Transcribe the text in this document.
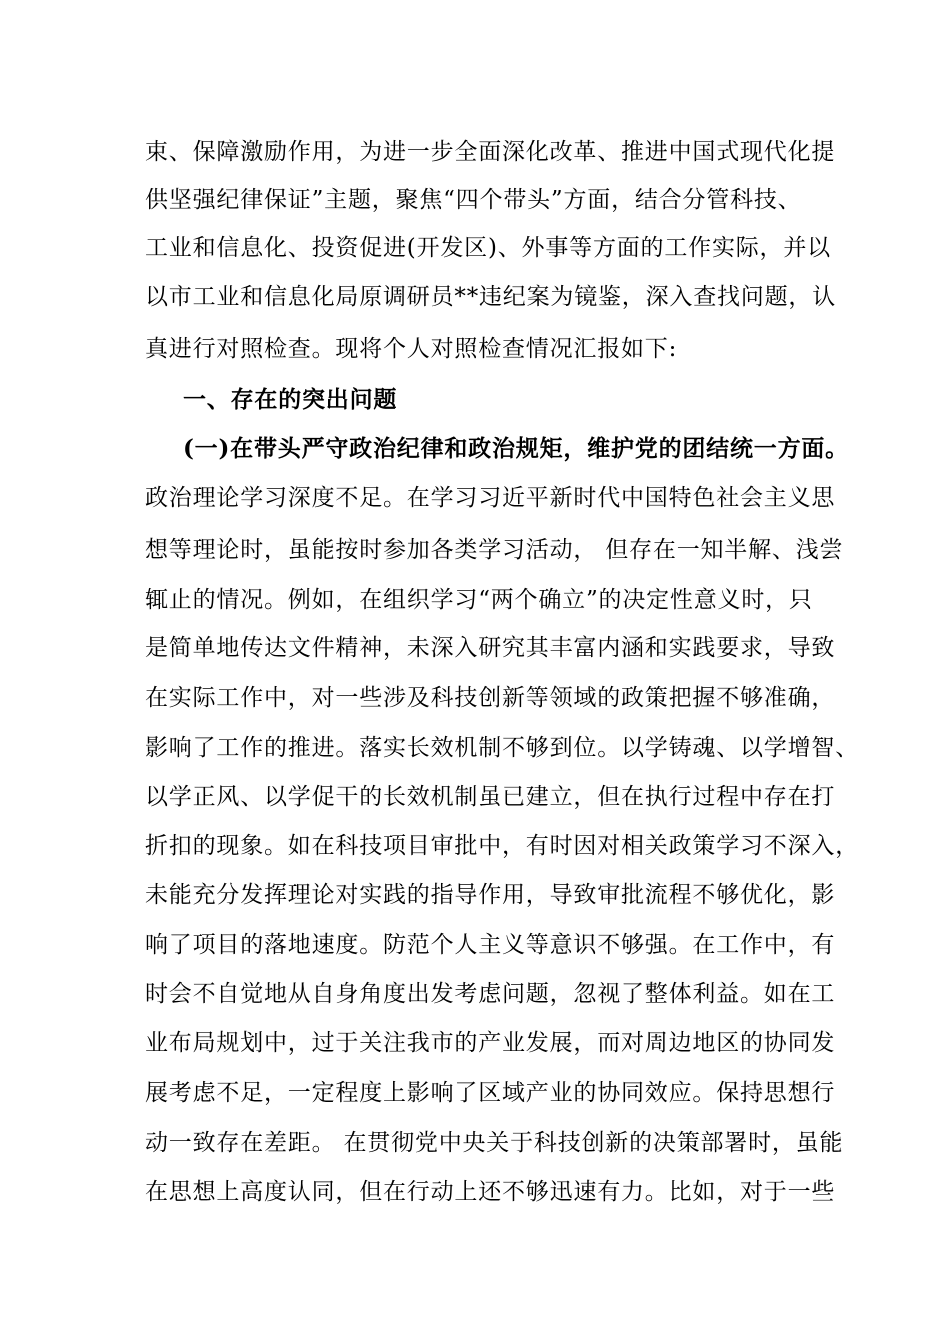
束、保障激励作用，为进一步全面深化改革、推进中国式现代化提
供坚强纪律保证”主题，聚焦“四个带头”方面，结合分管科技、
工业和信息化、投资促进(开发区)、外事等方面的工作实际，并以
以市工业和信息化局原调研员**违纪案为镜鉴，深入查找问题，认
真进行对照检查。现将个人对照检查情况汇报如下:
一、存在的突出问题
(一)在带头严守政治纪律和政治规矩，维护党的团结统一方面。
政治理论学习深度不足。在学习习近平新时代中国特色社会主义思
想等理论时，虽能按时参加各类学习活动， 但存在一知半解、浅尝
辄止的情况。例如，在组织学习“两个确立”的决定性意义时，只
是简单地传达文件精神，未深入研究其丰富内涵和实践要求，导致
在实际工作中，对一些涉及科技创新等领域的政策把握不够准确，
影响了工作的推进。落实长效机制不够到位。以学铸魂、以学增智、
以学正风、以学促干的长效机制虽已建立，但在执行过程中存在打
折扣的现象。如在科技项目审批中，有时因对相关政策学习不深入，
未能充分发挥理论对实践的指导作用，导致审批流程不够优化，影
响了项目的落地速度。防范个人主义等意识不够强。在工作中，有
时会不自觉地从自身角度出发考虑问题，忽视了整体利益。如在工
业布局规划中，过于关注我市的产业发展，而对周边地区的协同发
展考虑不足，一定程度上影响了区域产业的协同效应。保持思想行
动一致存在差距。 在贯彻党中央关于科技创新的决策部署时，虽能
在思想上高度认同，但在行动上还不够迅速有力。比如，对于一些
